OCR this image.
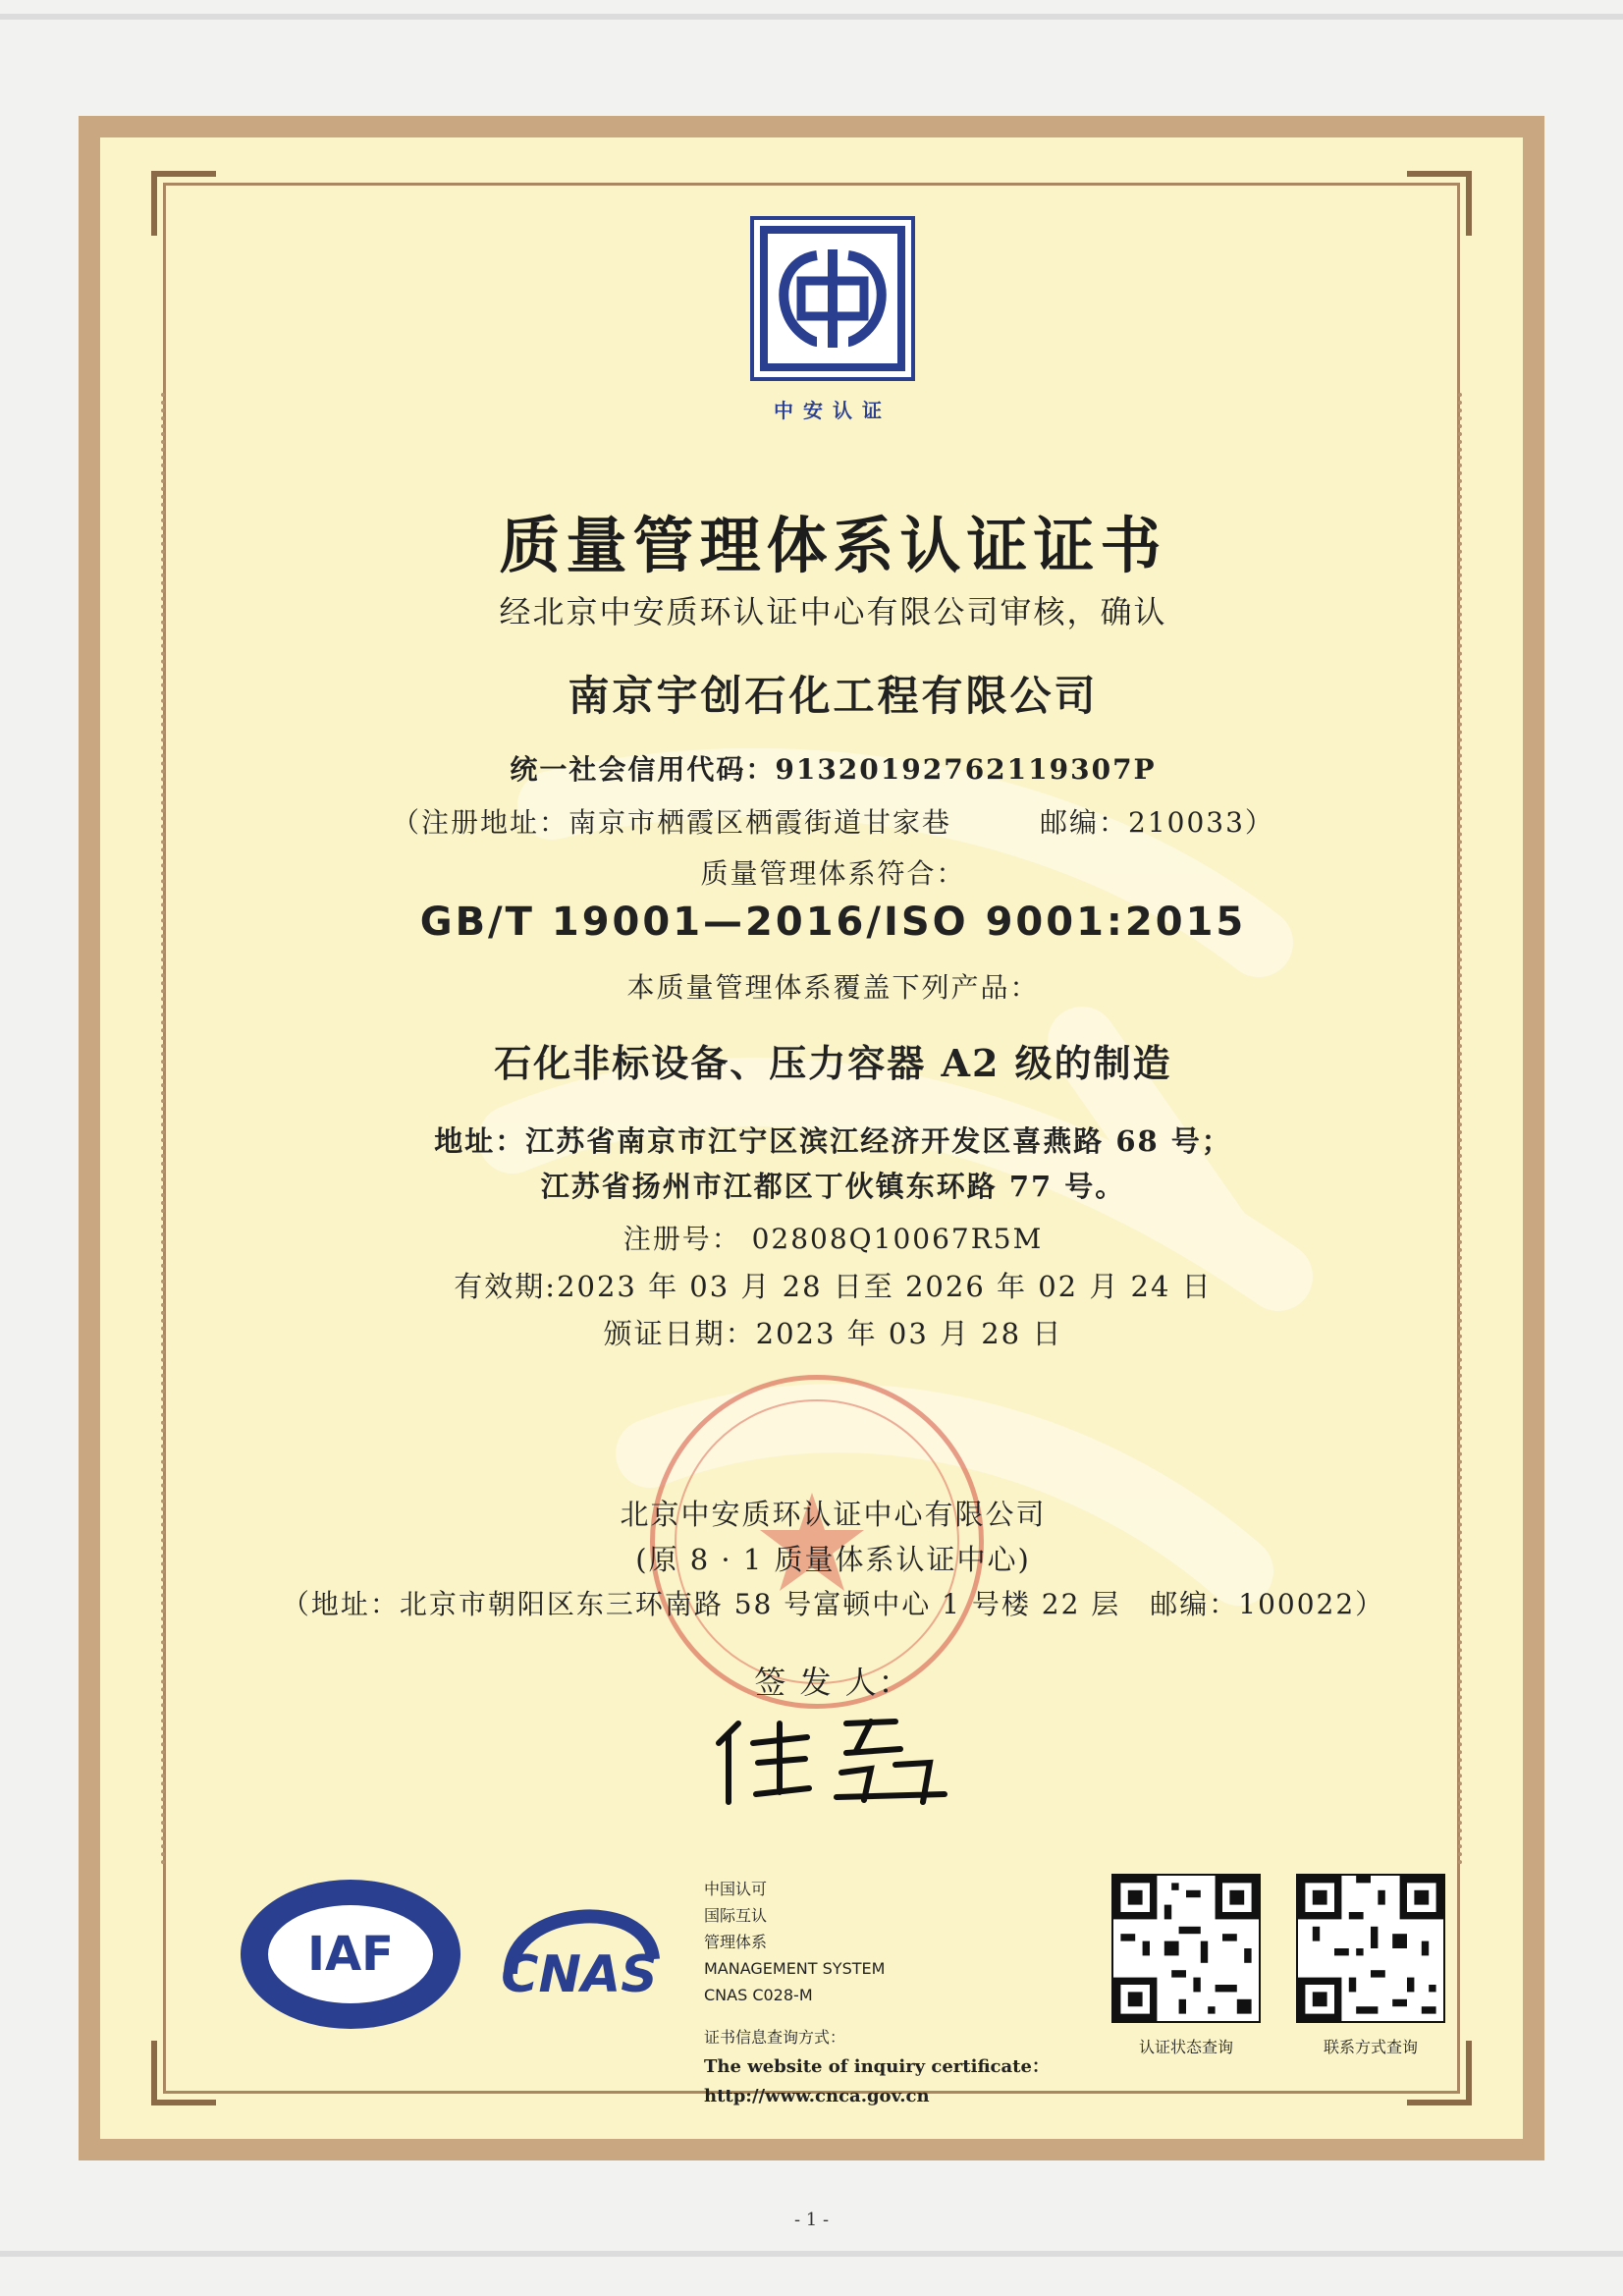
中安认证
质量管理体系认证证书
经北京中安质环认证中心有限公司审核，确认
南京宇创石化工程有限公司
统一社会信用代码：91320192762119307P
（注册地址：南京市栖霞区栖霞街道甘家巷　　　邮编：210033）
质量管理体系符合：
GB/T 19001—2016/ISO 9001:2015
本质量管理体系覆盖下列产品：
石化非标设备、压力容器 A2 级的制造
地址：江苏省南京市江宁区滨江经济开发区喜燕路 68 号；
江苏省扬州市江都区丁伙镇东环路 77 号。
注册号： 02808Q10067R5M
有效期:2023 年 03 月 28 日至 2026 年 02 月 24 日
颁证日期：2023 年 03 月 28 日
北京中安质环认证中心有限公司
(原 8 · 1 质量体系认证中心)
（地址：北京市朝阳区东三环南路 58 号富顿中心 1 号楼 22 层　邮编：100022）
签 发 人：
IAF CNAS
中国认可
国际互认
管理体系
MANAGEMENT SYSTEM
CNAS C028-M
证书信息查询方式：
The website of inquiry certificate：
http://www.cnca.gov.cn
认证状态查询	联系方式查询
- 1 -
